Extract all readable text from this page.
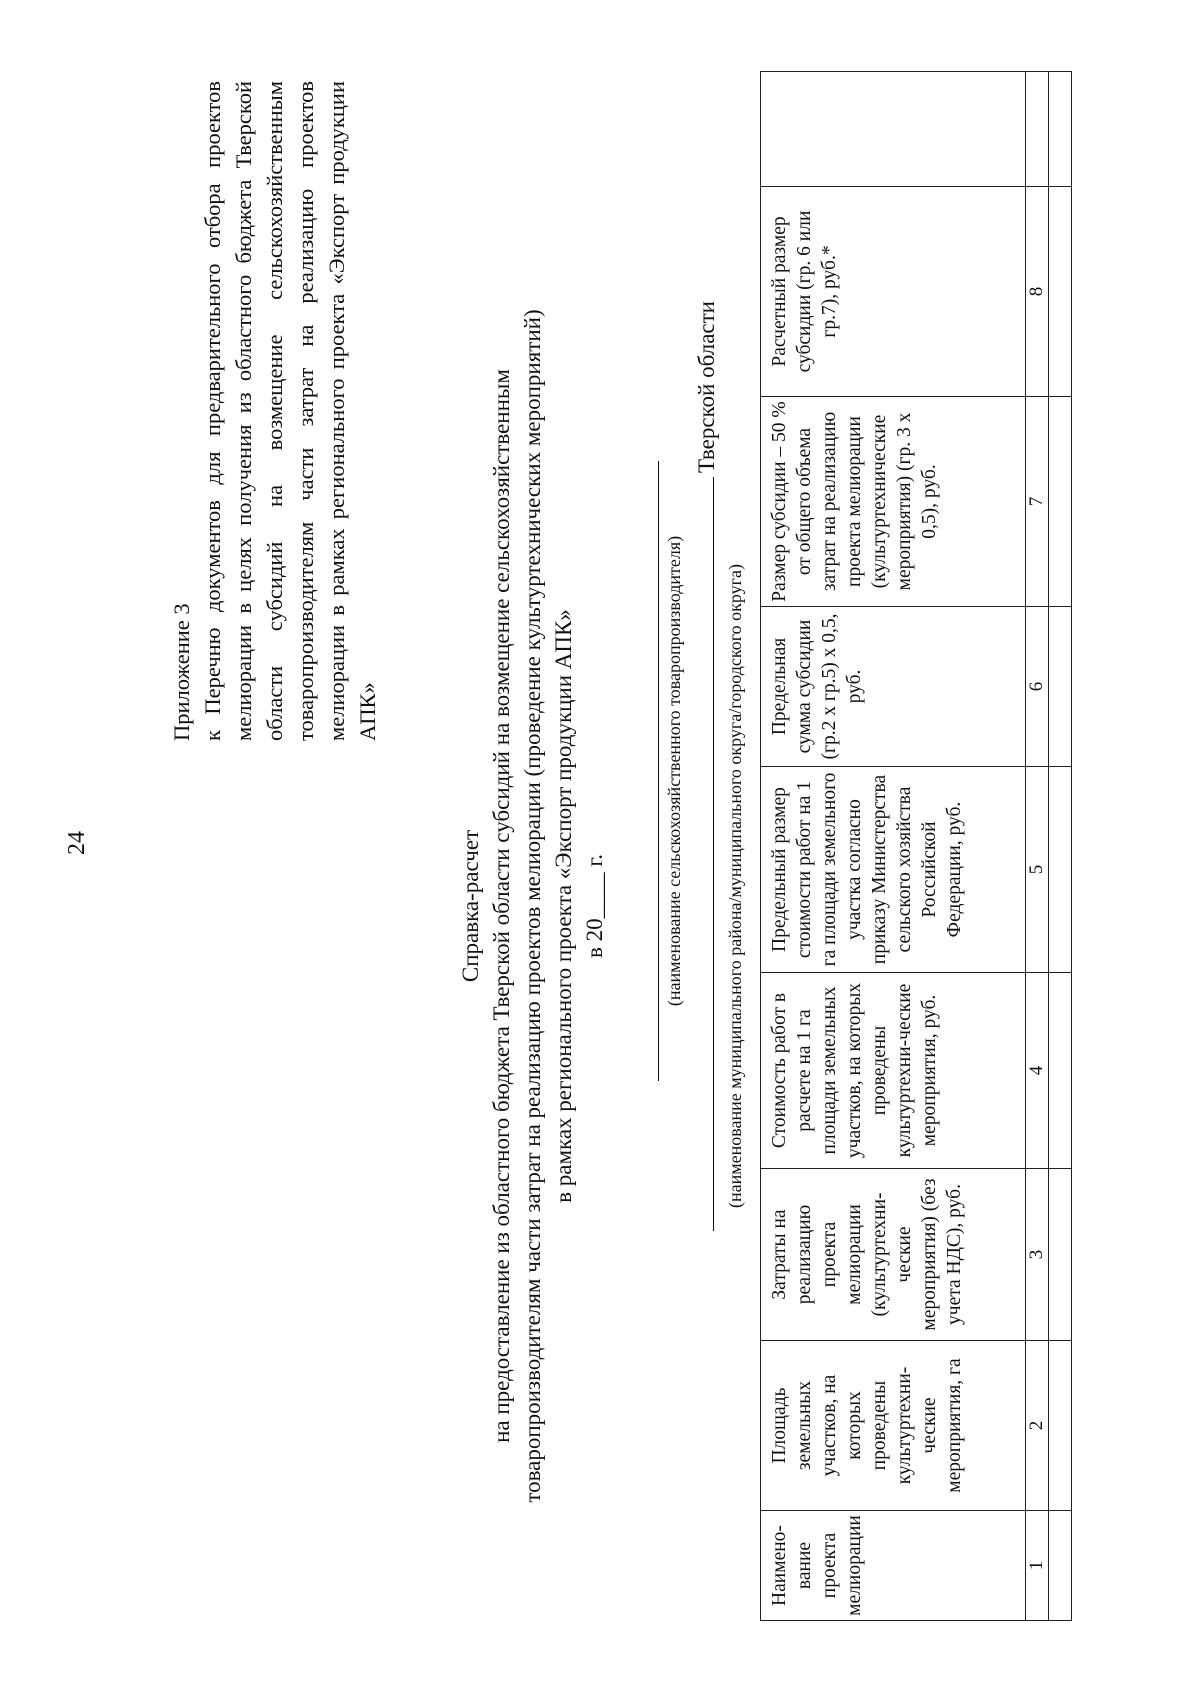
24
Приложение 3 к Перечню документов для предварительного отбора проектов мелиорации в целях получения из областного бюджета Тверской области субсидий на возмещение сельскохозяйственным товаропроизводителям части затрат на реализацию проектов мелиорации в рамках регионального проекта «Экспорт продукции АПК»
Справка-расчет на предоставление из областного бюджета Тверской области субсидий на возмещение сельскохозяйственным товаропроизводителям части затрат на реализацию проектов мелиорации (проведение культуртехнических мероприятий) в рамках регионального проекта «Экспорт продукции АПК» в 20____ г.	(наименование сельскохозяйственного товаропроизводителя)
Тверской области
(наименование муниципального района/муниципального округа/городского округа)
Наимено-вание проекта мелиорации	Площадь земельных участков, на которых проведены культуртехни-ческие мероприятия, га	Затраты на реализацию проекта мелиорации (культуртехни-ческие мероприятия) (без учета НДС), руб.	Стоимость работ в расчете на 1 га площади земельных участков, на которых проведены культуртехни-ческие мероприятия, руб.	Предельный размер стоимости работ на 1 га площади земельного участка согласно приказу Министерства сельского хозяйства Российской Федерации, руб.	Предельная сумма субсидии (гр.2 х гр.5) х 0,5, руб.	Размер субсидии – 50 % от общего объема затрат на реализацию проекта мелиорации (культуртехнические мероприятия) (гр. 3 х 0,5), руб.	Расчетный размер субсидии (гр. 6 или гр.7), руб.*	
1	2	3	4	5	6	7	8	
